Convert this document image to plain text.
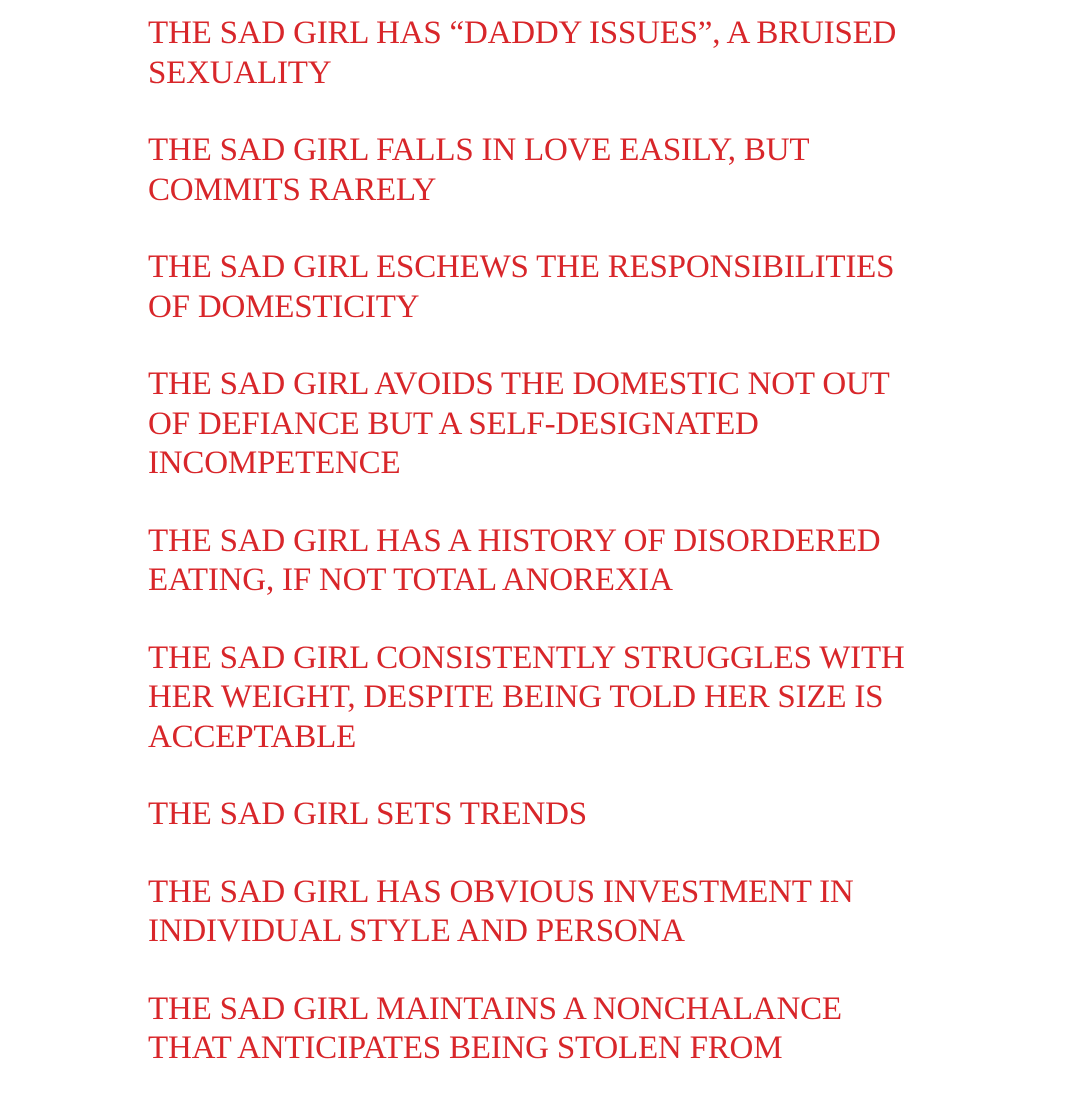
THE SAD GIRL HAS “DADDY ISSUES”, A BRUISED
SEXUALITY

THE SAD GIRL FALLS IN LOVE EASILY, BUT
COMMITS RARELY

THE SAD GIRL ESCHEWS THE RESPONSIBILITIES
OF DOMESTICITY

THE SAD GIRL AVOIDS THE DOMESTIC NOT OUT
OF DEFIANCE BUT A SELF-DESIGNATED
INCOMPETENCE

THE SAD GIRL HAS A HISTORY OF DISORDERED
EATING, IF NOT TOTAL ANOREXIA

THE SAD GIRL CONSISTENTLY STRUGGLES WITH
HER WEIGHT, DESPITE BEING TOLD HER SIZE IS
ACCEPTABLE

THE SAD GIRL SETS TRENDS

THE SAD GIRL HAS OBVIOUS INVESTMENT IN
INDIVIDUAL STYLE AND PERSONA

THE SAD GIRL MAINTAINS A NONCHALANCE
THAT ANTICIPATES BEING STOLEN FROM
